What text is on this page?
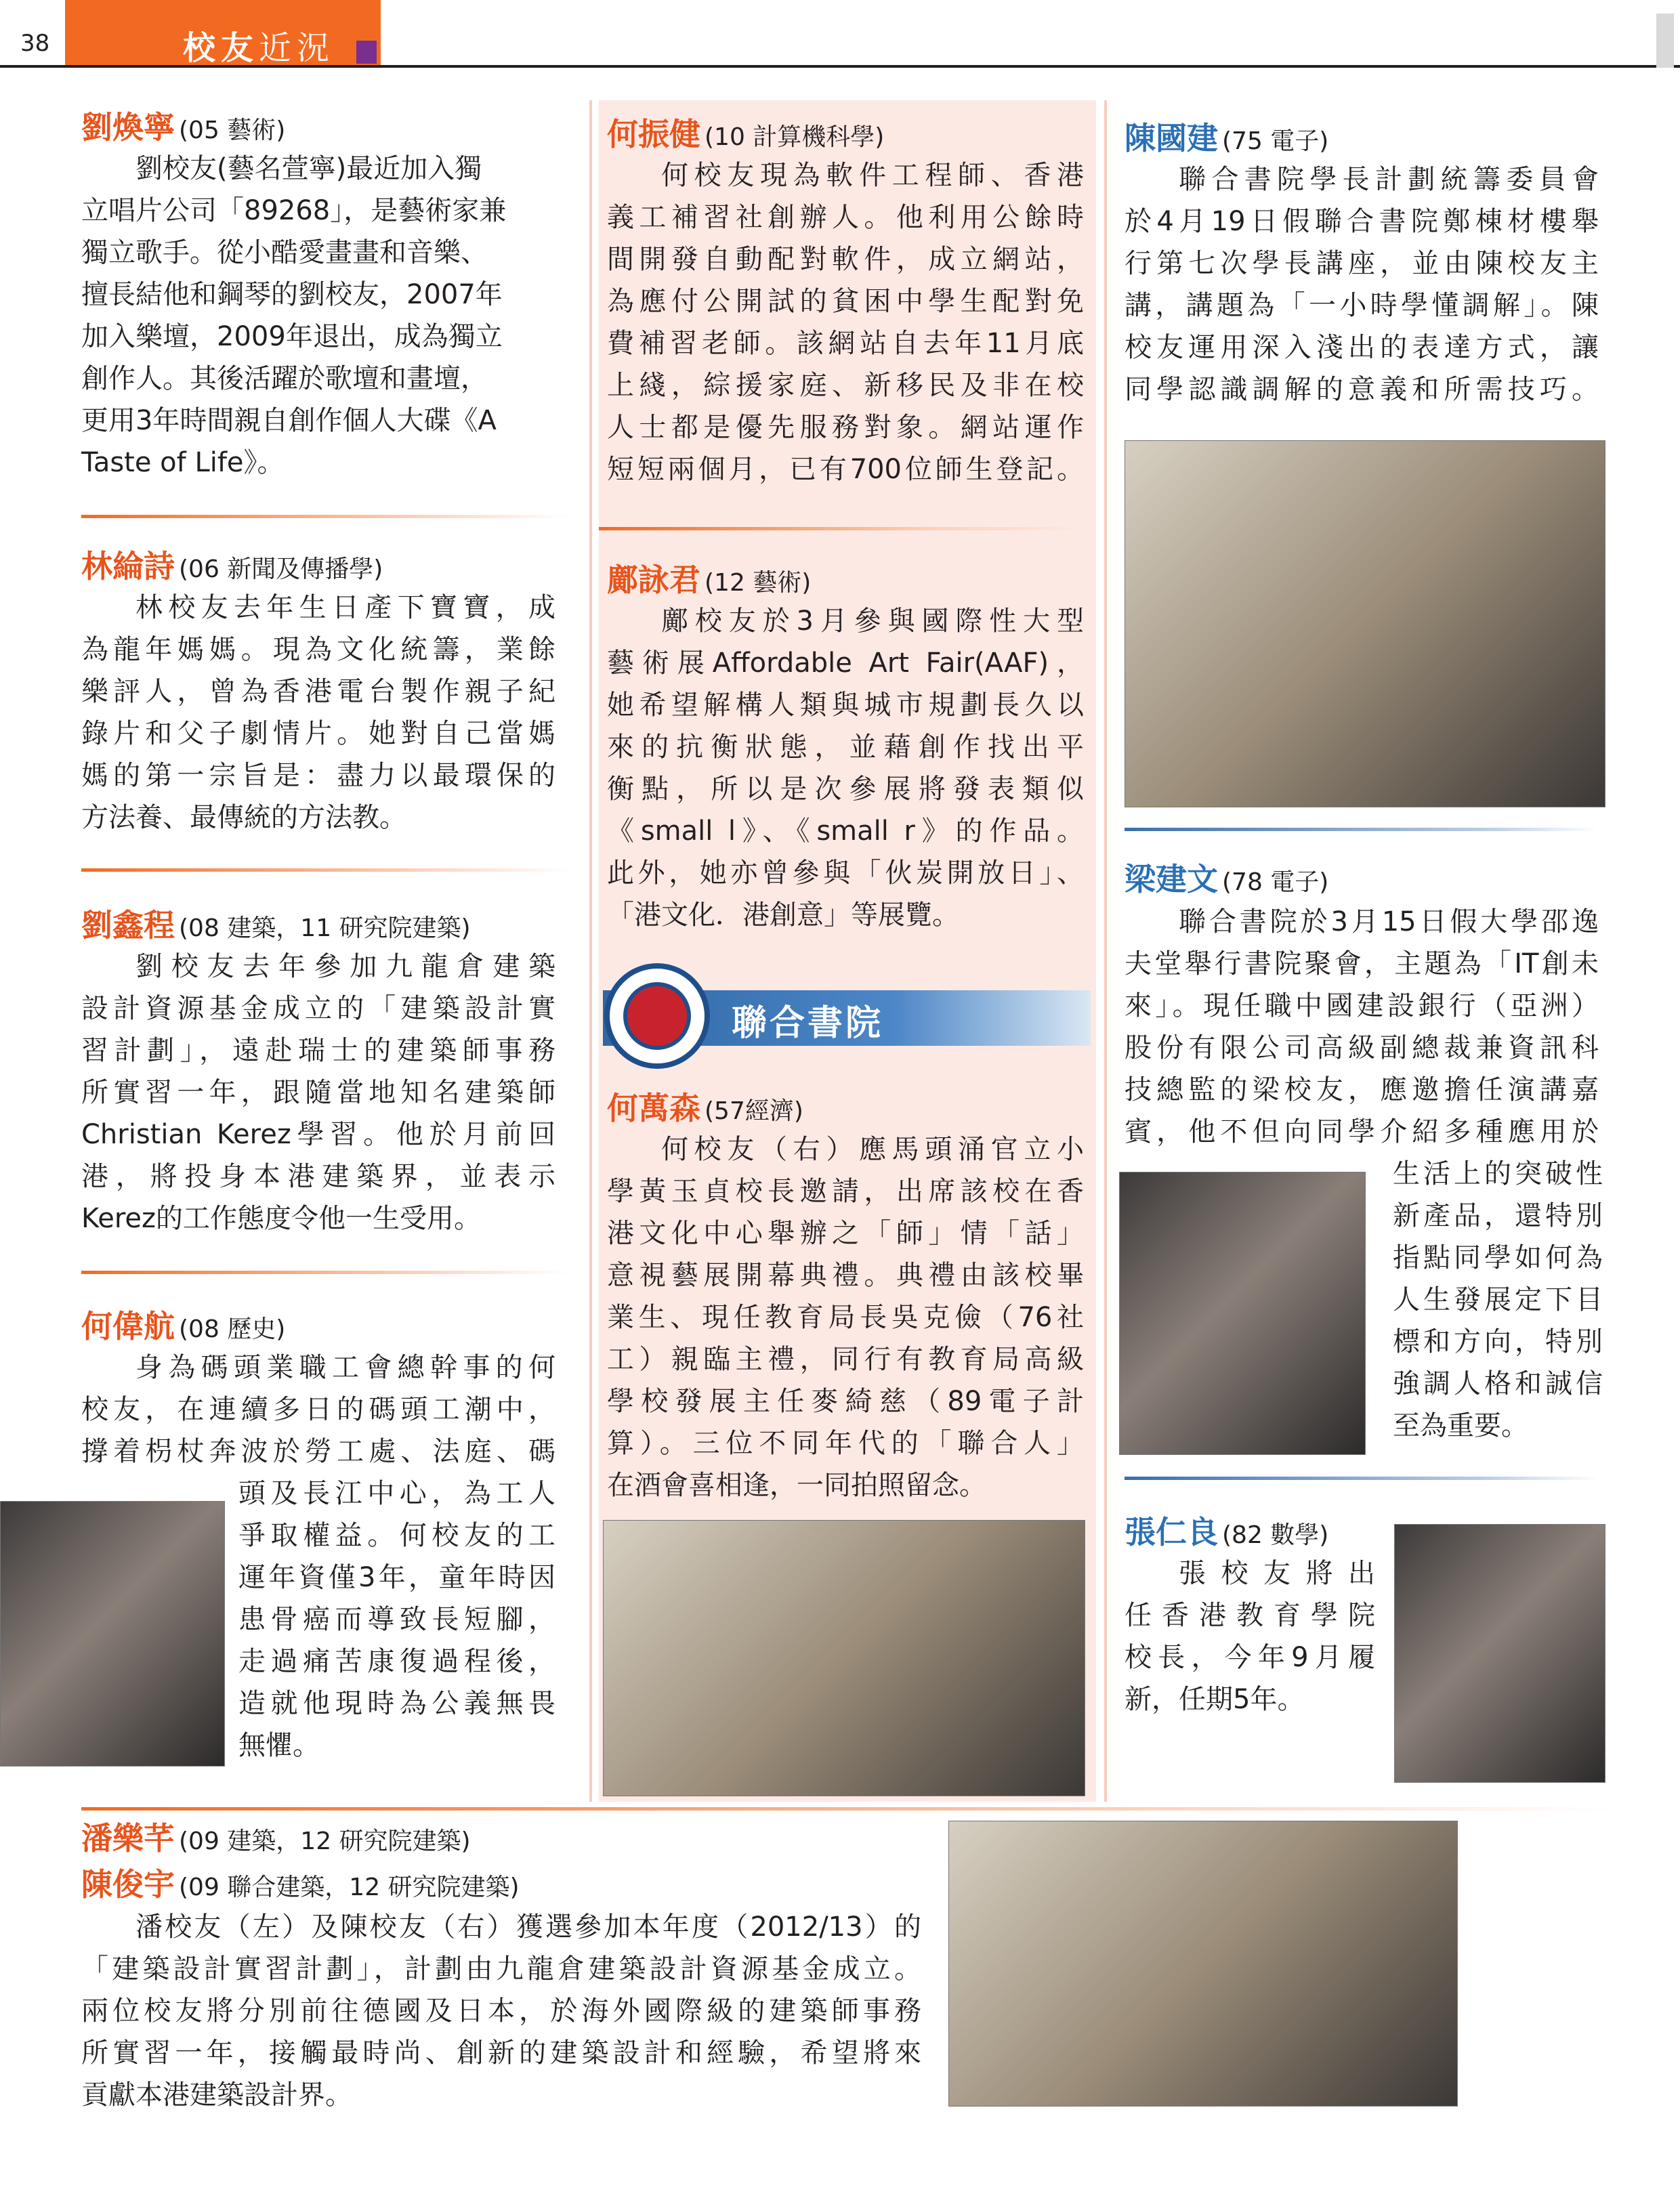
38	校友近況
劉煥寧 (05 藝術)
劉校友(藝名萱寧)最近加入獨
立唱片公司「89268」，是藝術家兼
獨立歌手。從小酷愛畫畫和音樂、
擅長結他和鋼琴的劉校友，2007年
加入樂壇，2009年退出，成為獨立
創作人。其後活躍於歌壇和畫壇，
更用3年時間親自創作個人大碟《A
Taste of Life》。
林綸詩 (06 新聞及傳播學)
林校友去年生日產下寶寶，成
為龍年媽媽。現為文化統籌，業餘
樂評人，曾為香港電台製作親子紀
錄片和父子劇情片。她對自己當媽
媽的第一宗旨是：盡力以最環保的
方法養、最傳統的方法教。
劉鑫程 (08 建築，11 研究院建築)
劉校友去年參加九龍倉建築
設計資源基金成立的「建築設計實
習計劃」，遠赴瑞士的建築師事務
所實習一年，跟隨當地知名建築師
Christian Kerez學習。他於月前回
港，將投身本港建築界，並表示
Kerez的工作態度令他一生受用。
何偉航 (08 歷史)
身為碼頭業職工會總幹事的何
校友，在連續多日的碼頭工潮中，
撐着枴杖奔波於勞工處、法庭、碼
頭及長江中心，為工人
爭取權益。何校友的工
運年資僅3年，童年時因
患骨癌而導致長短腳，
走過痛苦康復過程後，
造就他現時為公義無畏
無懼。
何振健 (10 計算機科學)
何校友現為軟件工程師、香港
義工補習社創辦人。他利用公餘時
間開發自動配對軟件，成立網站，
為應付公開試的貧困中學生配對免
費補習老師。該網站自去年11月底
上綫，綜援家庭、新移民及非在校
人士都是優先服務對象。網站運作
短短兩個月，已有700位師生登記。
鄺詠君 (12 藝術)
鄺校友於3月參與國際性大型
藝術展Affordable Art Fair(AAF)，
她希望解構人類與城市規劃長久以
來的抗衡狀態，並藉創作找出平
衡點，所以是次參展將發表類似
《small l》、《small r》的作品。
此外，她亦曾參與「伙炭開放日」、
「港文化．港創意」等展覽。
聯合書院
何萬森 (57經濟)
何校友（右）應馬頭涌官立小
學黃玉貞校長邀請，出席該校在香
港文化中心舉辦之「師」情「話」
意視藝展開幕典禮。典禮由該校畢
業生、現任教育局長吳克儉（76社
工）親臨主禮，同行有教育局高級
學校發展主任麥綺慈（89電子計
算）。三位不同年代的「聯合人」
在酒會喜相逢，一同拍照留念。
陳國建 (75 電子)
聯合書院學長計劃統籌委員會
於4月19日假聯合書院鄭棟材樓舉
行第七次學長講座，並由陳校友主
講，講題為「一小時學懂調解」。陳
校友運用深入淺出的表達方式，讓
同學認識調解的意義和所需技巧。
梁建文 (78 電子)
聯合書院於3月15日假大學邵逸
夫堂舉行書院聚會，主題為「IT創未
來」。現任職中國建設銀行（亞洲）
股份有限公司高級副總裁兼資訊科
技總監的梁校友，應邀擔任演講嘉
賓，他不但向同學介紹多種應用於
生活上的突破性
新產品，還特別
指點同學如何為
人生發展定下目
標和方向，特別
強調人格和誠信
至為重要。
張仁良 (82 數學)
張校友將出
任香港教育學院
校長，今年9月履
新，任期5年。
潘樂芊 (09 建築，12 研究院建築)
陳俊宇 (09 聯合建築，12 研究院建築)
潘校友（左）及陳校友（右）獲選參加本年度（2012/13）的
「建築設計實習計劃」，計劃由九龍倉建築設計資源基金成立。
兩位校友將分別前往德國及日本，於海外國際級的建築師事務
所實習一年，接觸最時尚、創新的建築設計和經驗，希望將來
貢獻本港建築設計界。
